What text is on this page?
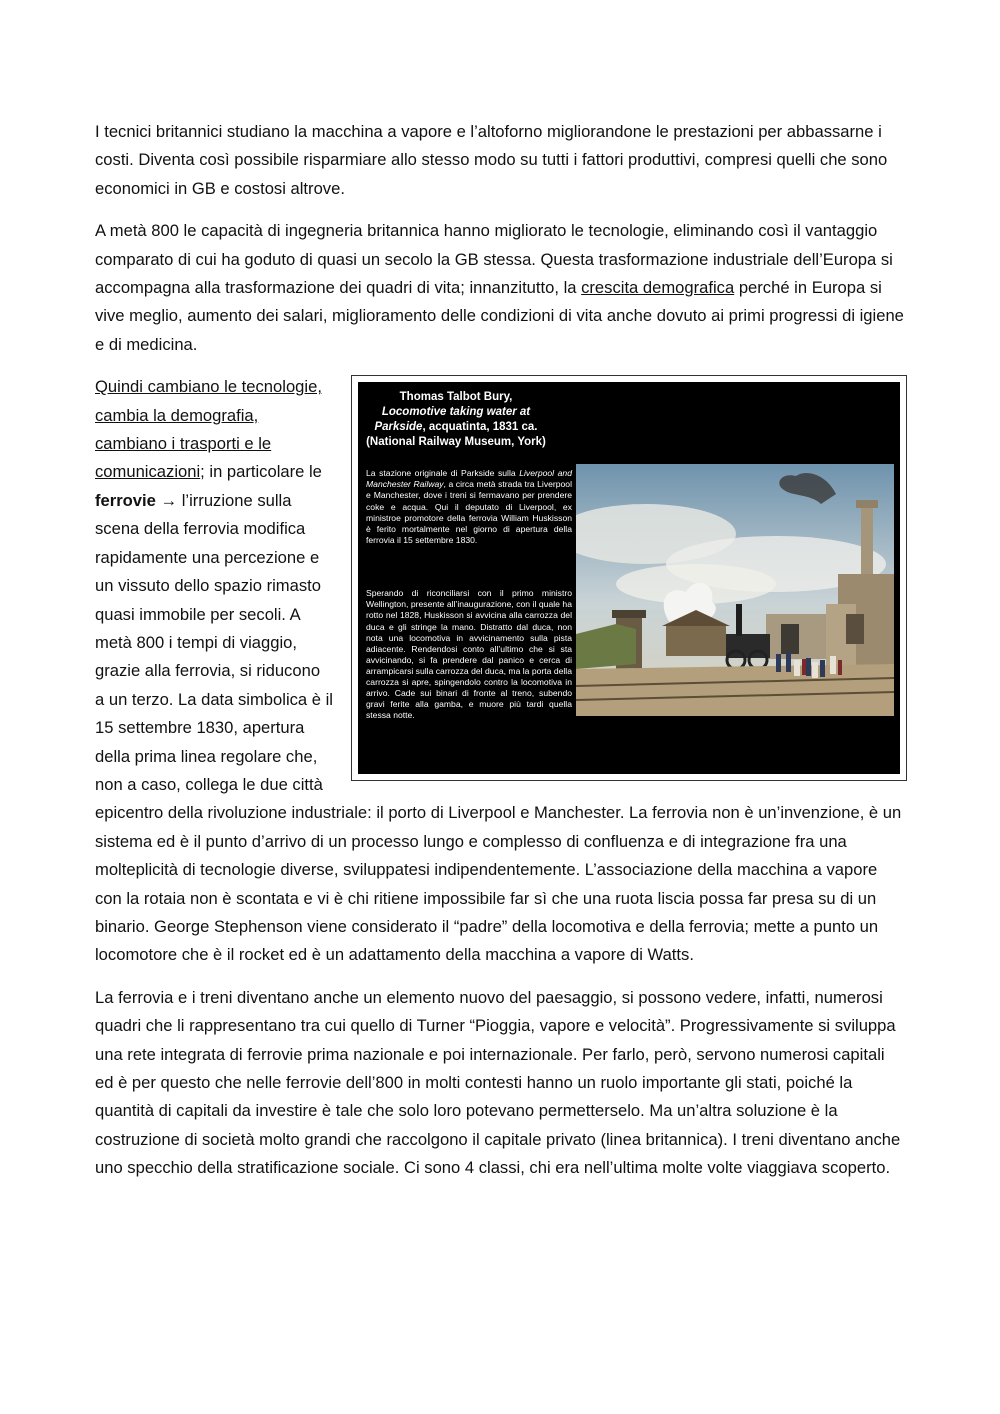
I tecnici britannici studiano la macchina a vapore e l’altoforno migliorandone le prestazioni per abbassarne i costi. Diventa così possibile risparmiare allo stesso modo su tutti i fattori produttivi, compresi quelli che sono economici in GB e costosi altrove.

A metà 800 le capacità di ingegneria britannica hanno migliorato le tecnologie, eliminando così il vantaggio comparato di cui ha goduto di quasi un secolo la GB stessa. Questa trasformazione industriale dell’Europa si accompagna alla trasformazione dei quadri di vita; innanzitutto, la crescita demografica perché in Europa si vive meglio, aumento dei salari, miglioramento delle condizioni di vita anche dovuto ai primi progressi di igiene e di medicina.

Thomas Talbot Bury,
Locomotive taking water at
Parkside, acquatinta, 1831 ca.
(National Railway Museum, York)
La stazione originale di Parkside sulla Liverpool and Manchester Railway, a circa metà strada tra Liverpool e Manchester, dove i treni si fermavano per prendere coke e acqua. Qui il deputato di Liverpool, ex ministroe promotore della ferrovia William Huskisson è ferito mortalmente nel giorno di apertura della ferrovia il 15 settembre 1830.
Sperando di riconciliarsi con il primo ministro Wellington, presente all’inaugurazione, con il quale ha rotto nel 1828, Huskisson si avvicina alla carrozza del duca e gli stringe la mano. Distratto dal duca, non nota una locomotiva in avvicinamento sulla pista adiacente. Rendendosi conto all’ultimo che si sta avvicinando, si fa prendere dal panico e cerca di arrampicarsi sulla carrozza del duca, ma la porta della carrozza si apre, spingendolo contro la locomotiva in arrivo. Cade sui binari di fronte al treno, subendo gravi ferite alla gamba, e muore più tardi quella stessa notte.

Quindi cambiano le tecnologie, cambia la demografia, cambiano i trasporti e le comunicazioni; in particolare le ferrovie → l’irruzione sulla scena della ferrovia modifica rapidamente una percezione e un vissuto dello spazio rimasto quasi immobile per secoli. A metà 800 i tempi di viaggio, grazie alla ferrovia, si riducono a un terzo. La data simbolica è il 15 settembre 1830, apertura della prima linea regolare che, non a caso, collega le due città epicentro della rivoluzione industriale: il porto di Liverpool e Manchester. La ferrovia non è un’invenzione, è un sistema ed è il punto d’arrivo di un processo lungo e complesso di confluenza e di integrazione fra una molteplicità di tecnologie diverse, sviluppatesi indipendentemente. L’associazione della macchina a vapore con la rotaia non è scontata e vi è chi ritiene impossibile far sì che una ruota liscia possa far presa su di un binario. George Stephenson viene considerato il “padre” della locomotiva e della ferrovia; mette a punto un locomotore che è il rocket ed è un adattamento della macchina a vapore di Watts.

La ferrovia e i treni diventano anche un elemento nuovo del paesaggio, si possono vedere, infatti, numerosi quadri che li rappresentano tra cui quello di Turner “Pioggia, vapore e velocità”. Progressivamente si sviluppa una rete integrata di ferrovie prima nazionale e poi internazionale. Per farlo, però, servono numerosi capitali ed è per questo che nelle ferrovie dell’800 in molti contesti hanno un ruolo importante gli stati, poiché la quantità di capitali da investire è tale che solo loro potevano permetterselo. Ma un’altra soluzione è la costruzione di società molto grandi che raccolgono il capitale privato (linea britannica). I treni diventano anche uno specchio della stratificazione sociale. Ci sono 4 classi, chi era nell’ultima molte volte viaggiava scoperto.
